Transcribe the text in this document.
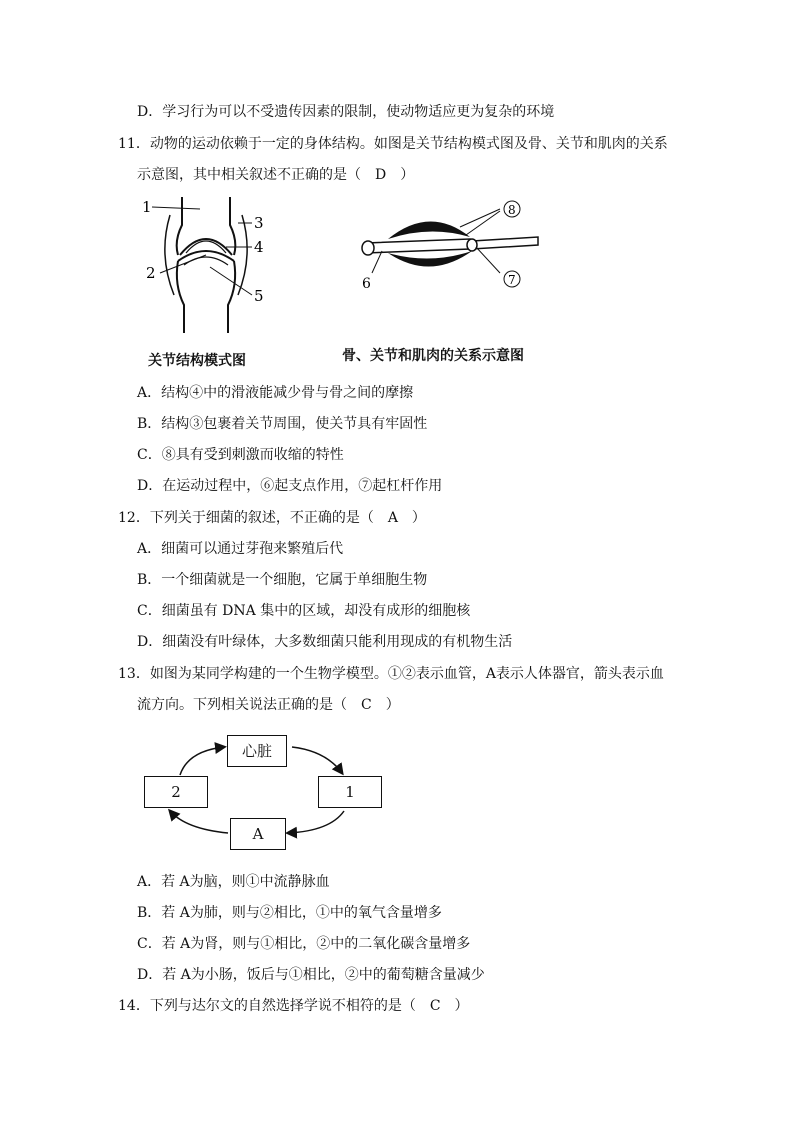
D．学习行为可以不受遗传因素的限制，使动物适应更为复杂的环境
11．动物的运动依赖于一定的身体结构。如图是关节结构模式图及骨、关节和肌肉的关系
示意图，其中相关叙述不正确的是（　D　）
1
3
4
2
5
8
6	7
关节结构模式图	骨、关节和肌肉的关系示意图
A．结构④中的滑液能减少骨与骨之间的摩擦
B．结构③包裹着关节周围，使关节具有牢固性
C．⑧具有受到刺激而收缩的特性
D．在运动过程中，⑥起支点作用，⑦起杠杆作用
12．下列关于细菌的叙述，不正确的是（　A　）
A．细菌可以通过芽孢来繁殖后代
B．一个细菌就是一个细胞，它属于单细胞生物
C．细菌虽有 DNA 集中的区域，却没有成形的细胞核
D．细菌没有叶绿体，大多数细菌只能利用现成的有机物生活
13．如图为某同学构建的一个生物学模型。①②表示血管，A表示人体器官，箭头表示血
流方向。下列相关说法正确的是（　C　）
心脏
2	1
A
A．若 A为脑，则①中流静脉血
B．若 A为肺，则与②相比，①中的氧气含量增多
C．若 A为肾，则与①相比，②中的二氧化碳含量增多
D．若 A为小肠，饭后与①相比，②中的葡萄糖含量减少
14．下列与达尔文的自然选择学说不相符的是（　C　）
